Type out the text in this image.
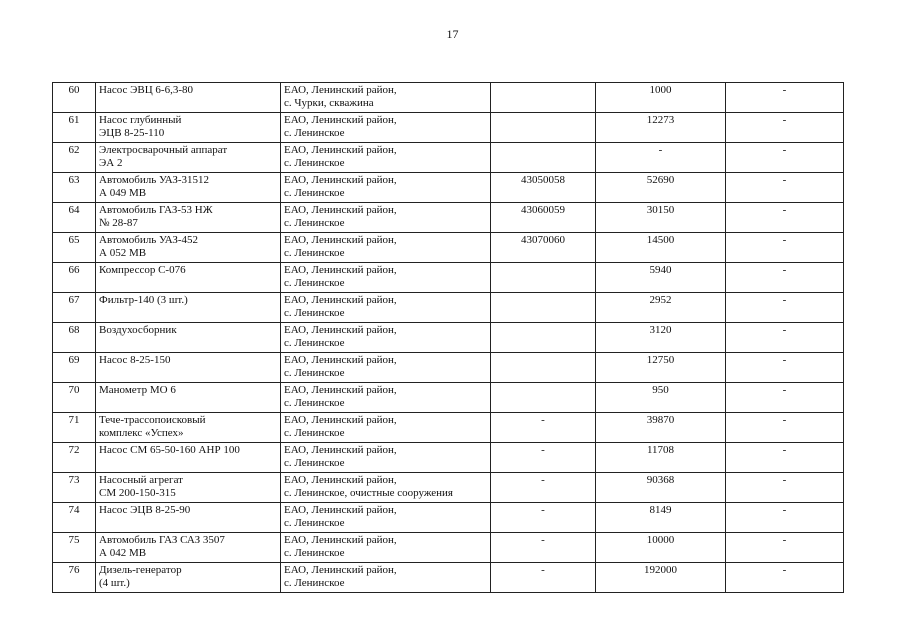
17
60	Насос ЭВЦ 6-6,3-80	ЕАО, Ленинский район,
с. Чурки, скважина		1000	-
61	Насос глубинный
ЭЦВ 8-25-110	ЕАО, Ленинский район,
с. Ленинское		12273	-
62	Электросварочный аппарат
ЭА 2	ЕАО, Ленинский район,
с. Ленинское		-	-
63	Автомобиль УАЗ-31512
А 049 МВ	ЕАО, Ленинский район,
с. Ленинское	43050058	52690	-
64	Автомобиль ГАЗ-53 НЖ
№ 28-87	ЕАО, Ленинский район,
с. Ленинское	43060059	30150	-
65	Автомобиль УАЗ-452
А 052 МВ	ЕАО, Ленинский район,
с. Ленинское	43070060	14500	-
66	Компрессор С-076	ЕАО, Ленинский район,
с. Ленинское		5940	-
67	Фильтр-140 (3 шт.)	ЕАО, Ленинский район,
с. Ленинское		2952	-
68	Воздухосборник	ЕАО, Ленинский район,
с. Ленинское		3120	-
69	Насос 8-25-150	ЕАО, Ленинский район,
с. Ленинское		12750	-
70	Манометр МО 6	ЕАО, Ленинский район,
с. Ленинское		950	-
71	Тече-трассопоисковый
комплекс «Успех»	ЕАО, Ленинский район,
с. Ленинское	-	39870	-
72	Насос СМ 65-50-160 АНР 100	ЕАО, Ленинский район,
с. Ленинское	-	11708	-
73	Насосный агрегат
СМ 200-150-315	ЕАО, Ленинский район,
с. Ленинское, очистные сооружения	-	90368	-
74	Насос ЭЦВ 8-25-90	ЕАО, Ленинский район,
с. Ленинское	-	8149	-
75	Автомобиль ГАЗ САЗ 3507
А 042 МВ	ЕАО, Ленинский район,
с. Ленинское	-	10000	-
76	Дизель-генератор
(4 шт.)	ЕАО, Ленинский район,
с. Ленинское	-	192000	-
